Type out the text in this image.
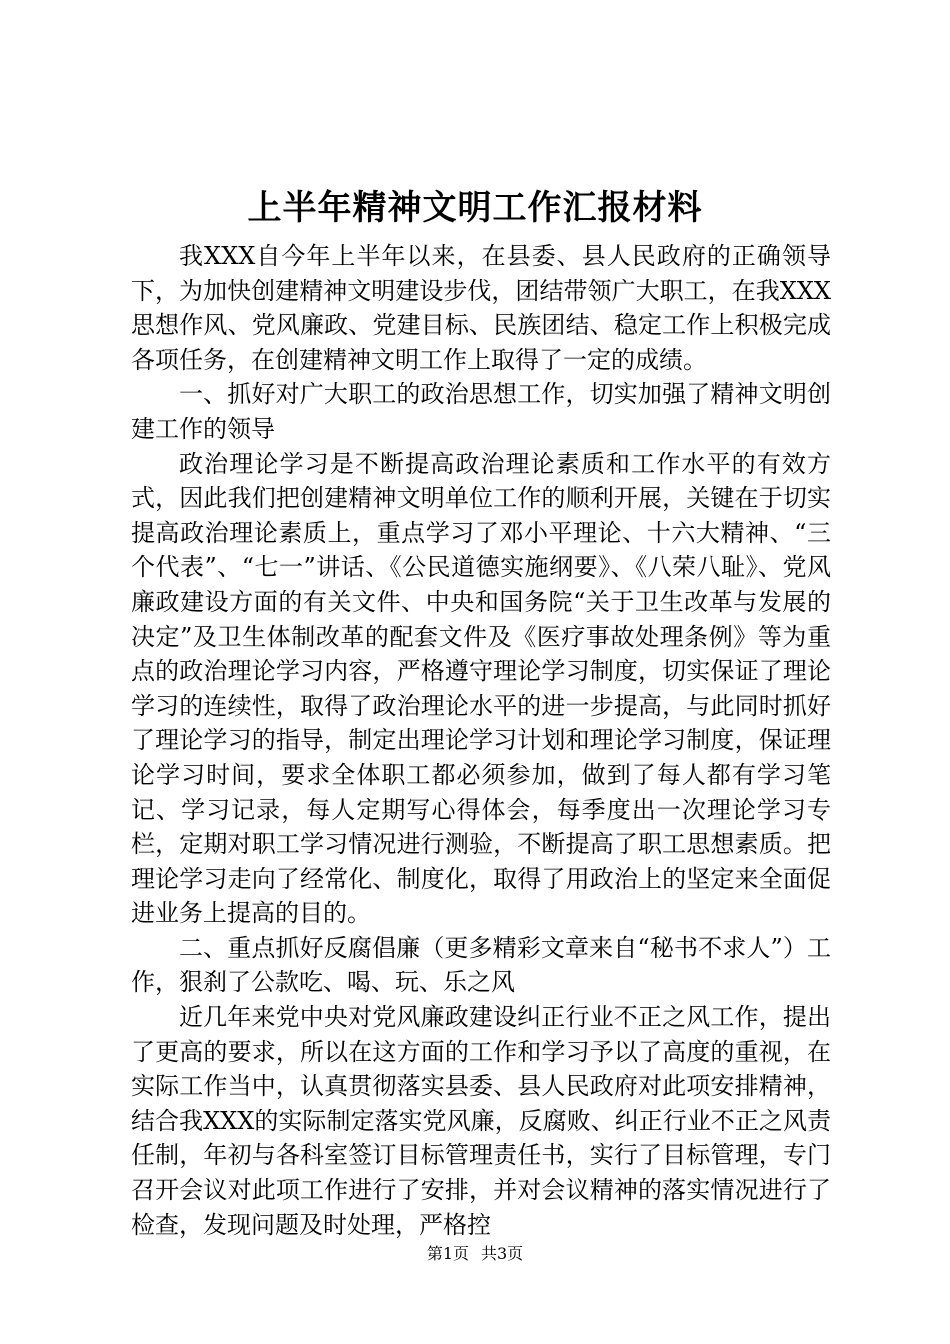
上半年精神文明工作汇报材料

我XXX自今年上半年以来，在县委、县人民政府的正确领导下，为加快创建精神文明建设步伐，团结带领广大职工，在我XXX思想作风、党风廉政、党建目标、民族团结、稳定工作上积极完成各项任务，在创建精神文明工作上取得了一定的成绩。

一、抓好对广大职工的政治思想工作，切实加强了精神文明创建工作的领导

政治理论学习是不断提高政治理论素质和工作水平的有效方式，因此我们把创建精神文明单位工作的顺利开展，关键在于切实提高政治理论素质上，重点学习了邓小平理论、十六大精神、“三个代表”、“七一”讲话、《公民道德实施纲要》、《八荣八耻》、党风廉政建设方面的有关文件、中央和国务院“关于卫生改革与发展的决定”及卫生体制改革的配套文件及《医疗事故处理条例》等为重点的政治理论学习内容，严格遵守理论学习制度，切实保证了理论学习的连续性，取得了政治理论水平的进一步提高，与此同时抓好了理论学习的指导，制定出理论学习计划和理论学习制度，保证理论学习时间，要求全体职工都必须参加，做到了每人都有学习笔记、学习记录，每人定期写心得体会，每季度出一次理论学习专栏，定期对职工学习情况进行测验，不断提高了职工思想素质。把理论学习走向了经常化、制度化，取得了用政治上的坚定来全面促进业务上提高的目的。

二、重点抓好反腐倡廉（更多精彩文章来自“秘书不求人”）工作，狠刹了公款吃、喝、玩、乐之风

近几年来党中央对党风廉政建设纠正行业不正之风工作，提出了更高的要求，所以在这方面的工作和学习予以了高度的重视，在实际工作当中，认真贯彻落实县委、县人民政府对此项安排精神，结合我XXX的实际制定落实党风廉，反腐败、纠正行业不正之风责任制，年初与各科室签订目标管理责任书，实行了目标管理，专门召开会议对此项工作进行了安排，并对会议精神的落实情况进行了检查，发现问题及时处理，严格控

第1页 共3页
